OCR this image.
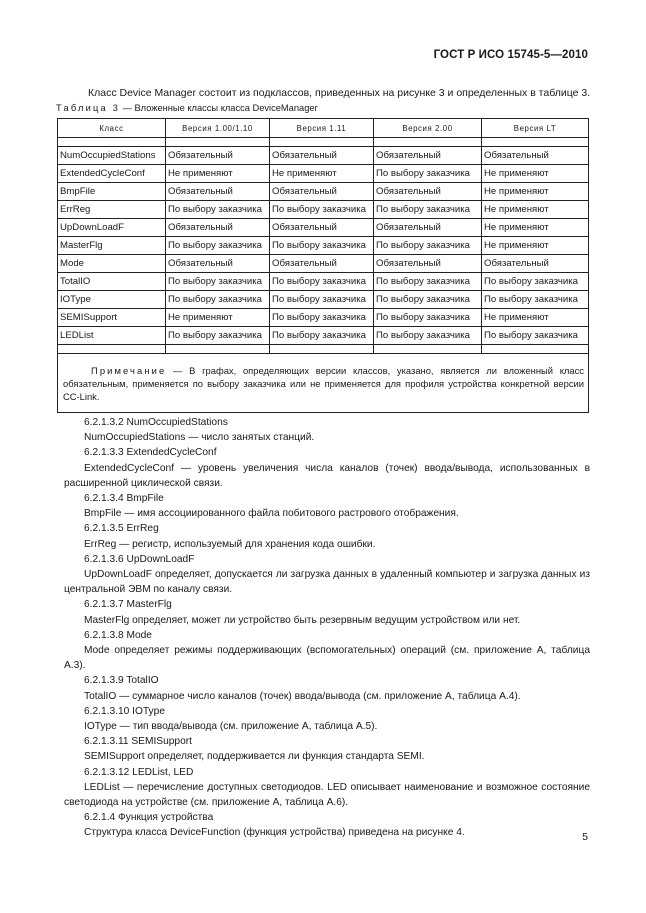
ГОСТ Р ИСО 15745-5—2010
Класс Device Manager состоит из подклассов, приведенных на рисунке 3 и определенных в таблице 3.
Таблица 3 — Вложенные классы класса DeviceManager
Класс	Версия 1.00/1.10	Версия 1.11	Версия 2.00	Версия LT

NumOccupiedStations	Обязательный	Обязательный	Обязательный	Обязательный
ExtendedCycleConf	Не применяют	Не применяют	По выбору заказчика	Не применяют
BmpFile	Обязательный	Обязательный	Обязательный	Не применяют
ErrReg	По выбору заказчика	По выбору заказчика	По выбору заказчика	Не применяют
UpDownLoadF	Обязательный	Обязательный	Обязательный	Не применяют
MasterFlg	По выбору заказчика	По выбору заказчика	По выбору заказчика	Не применяют
Mode	Обязательный	Обязательный	Обязательный	Обязательный
TotalIO	По выбору заказчика	По выбору заказчика	По выбору заказчика	По выбору заказчика
IOType	По выбору заказчика	По выбору заказчика	По выбору заказчика	По выбору заказчика
SEMISupport	Не применяют	По выбору заказчика	По выбору заказчика	Не применяют
LEDList	По выбору заказчика	По выбору заказчика	По выбору заказчика	По выбору заказчика

Примечание — В графах, определяющих версии классов, указано, является ли вложенный класс обязательным, применяется по выбору заказчика или не применяется для профиля устройства конкретной версии CC-Link.				

6.2.1.3.2 NumOccupiedStations

NumOccupiedStations — число занятых станций.

6.2.1.3.3 ExtendedCycleConf

ExtendedCycleConf — уровень увеличения числа каналов (точек) ввода/вывода, использованных в расширенной циклической связи.

6.2.1.3.4 BmpFile

BmpFile — имя ассоциированного файла побитового растрового отображения.

6.2.1.3.5 ErrReg

ErrReg — регистр, используемый для хранения кода ошибки.

6.2.1.3.6 UpDownLoadF

UpDownLoadF определяет, допускается ли загрузка данных в удаленный компьютер и загрузка данных из центральной ЭВМ по каналу связи.

6.2.1.3.7 MasterFlg

MasterFlg определяет, может ли устройство быть резервным ведущим устройством или нет.

6.2.1.3.8 Mode

Mode определяет режимы поддерживающих (вспомогательных) операций (см. приложение А, таблица А.3).

6.2.1.3.9 TotalIO

TotalIO — суммарное число каналов (точек) ввода/вывода (см. приложение А, таблица А.4).

6.2.1.3.10 IOType

IOType — тип ввода/вывода (см. приложение А, таблица А.5).

6.2.1.3.11 SEMISupport

SEMISupport определяет, поддерживается ли функция стандарта SEMI.

6.2.1.3.12 LEDList, LED

LEDList — перечисление доступных светодиодов. LED описывает наименование и возможное состояние светодиода на устройстве (см. приложение А, таблица А.6).

6.2.1.4 Функция устройства

Структура класса DeviceFunction (функция устройства) приведена на рисунке 4.	5
